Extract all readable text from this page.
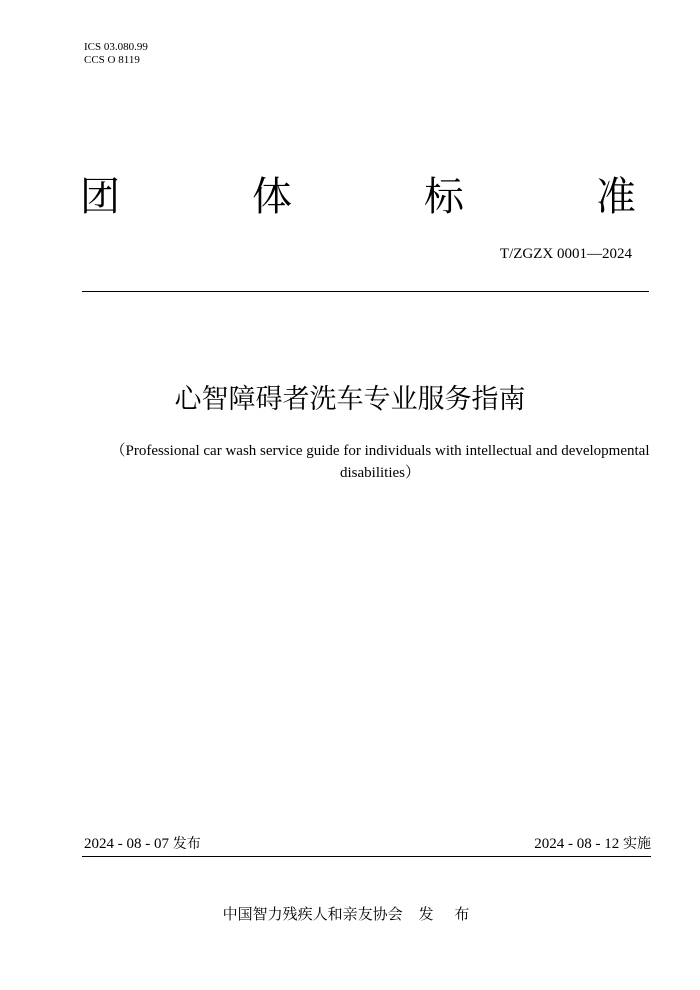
ICS 03.080.99
CCS O 8119
团	体	标	准
T/ZGZX 0001—2024
心智障碍者洗车专业服务指南
（Professional car wash service guide for individuals with intellectual and developmental disabilities）
2024 - 08 - 07 发布	2024 - 08 - 12 实施
中国智力残疾人和亲友协会 发 布
